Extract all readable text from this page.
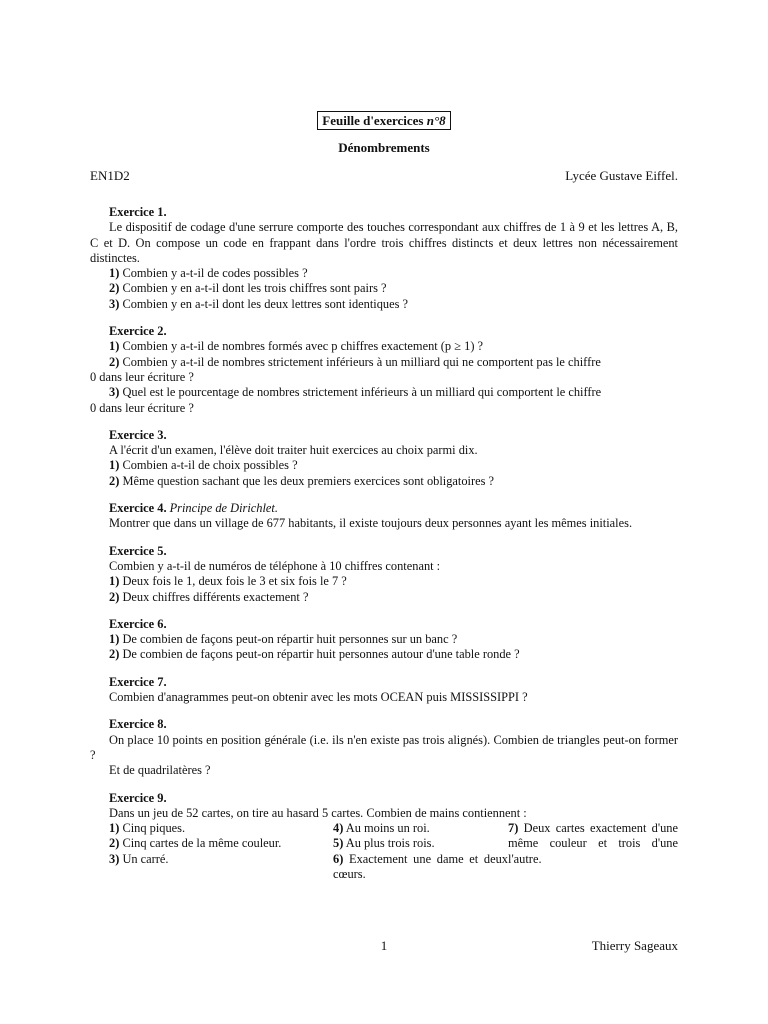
Feuille d'exercices n°8
Dénombrements
EN1D2	Lycée Gustave Eiffel.
Exercice 1.
Le dispositif de codage d'une serrure comporte des touches correspondant aux chiffres de 1 à 9 et les lettres A, B, C et D. On compose un code en frappant dans l'ordre trois chiffres distincts et deux lettres non nécessairement distinctes.
1) Combien y a-t-il de codes possibles ?
2) Combien y en a-t-il dont les trois chiffres sont pairs ?
3) Combien y en a-t-il dont les deux lettres sont identiques ?
Exercice 2.
1) Combien y a-t-il de nombres formés avec p chiffres exactement (p ≥ 1) ?
2) Combien y a-t-il de nombres strictement inférieurs à un milliard qui ne comportent pas le chiffre
0 dans leur écriture ?
3) Quel est le pourcentage de nombres strictement inférieurs à un milliard qui comportent le chiffre
0 dans leur écriture ?
Exercice 3.
A l'écrit d'un examen, l'élève doit traiter huit exercices au choix parmi dix.
1) Combien a-t-il de choix possibles ?
2) Même question sachant que les deux premiers exercices sont obligatoires ?
Exercice 4. Principe de Dirichlet.
Montrer que dans un village de 677 habitants, il existe toujours deux personnes ayant les mêmes initiales.
Exercice 5.
Combien y a-t-il de numéros de téléphone à 10 chiffres contenant :
1) Deux fois le 1, deux fois le 3 et six fois le 7 ?
2) Deux chiffres différents exactement ?
Exercice 6.
1) De combien de façons peut-on répartir huit personnes sur un banc ?
2) De combien de façons peut-on répartir huit personnes autour d'une table ronde ?
Exercice 7.
Combien d'anagrammes peut-on obtenir avec les mots OCEAN puis MISSISSIPPI ?
Exercice 8.
On place 10 points en position générale (i.e. ils n'en existe pas trois alignés). Combien de triangles peut-on former ?
Et de quadrilatères ?
Exercice 9.
Dans un jeu de 52 cartes, on tire au hasard 5 cartes. Combien de mains contiennent :
1) Cinq piques.
2) Cinq cartes de la même couleur.
3) Un carré.
4) Au moins un roi.
5) Au plus trois rois.
6) Exactement une dame et deux cœurs.
7) Deux cartes exactement d'une même couleur et trois d'une l'autre.
1	Thierry Sageaux
